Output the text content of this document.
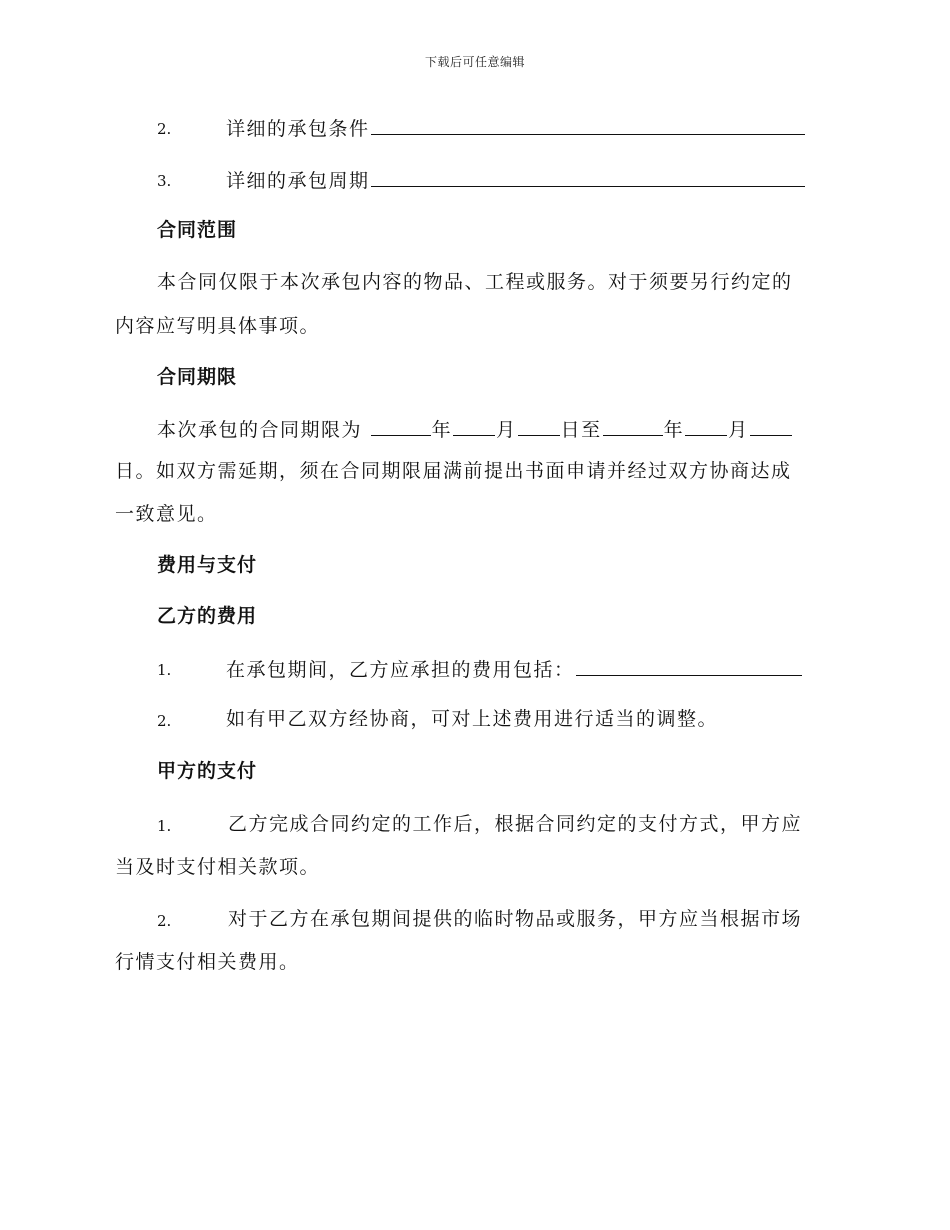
下载后可任意编辑
2.	详细的承包条件
3.	详细的承包周期
合同范围
本合同仅限于本次承包内容的物品、工程或服务。对于须要另行约定的
内容应写明具体事项。
合同期限
本次承包的合同期限为	年 月 日至	年 月
日。如双方需延期，须在合同期限届满前提出书面申请并经过双方协商达成
一致意见。
费用与支付
乙方的费用
1.	在承包期间，乙方应承担的费用包括：
2.	如有甲乙双方经协商，可对上述费用进行适当的调整。
甲方的支付
1.	乙方完成合同约定的工作后，根据合同约定的支付方式，甲方应
当及时支付相关款项。
2.	对于乙方在承包期间提供的临时物品或服务，甲方应当根据市场
行情支付相关费用。
